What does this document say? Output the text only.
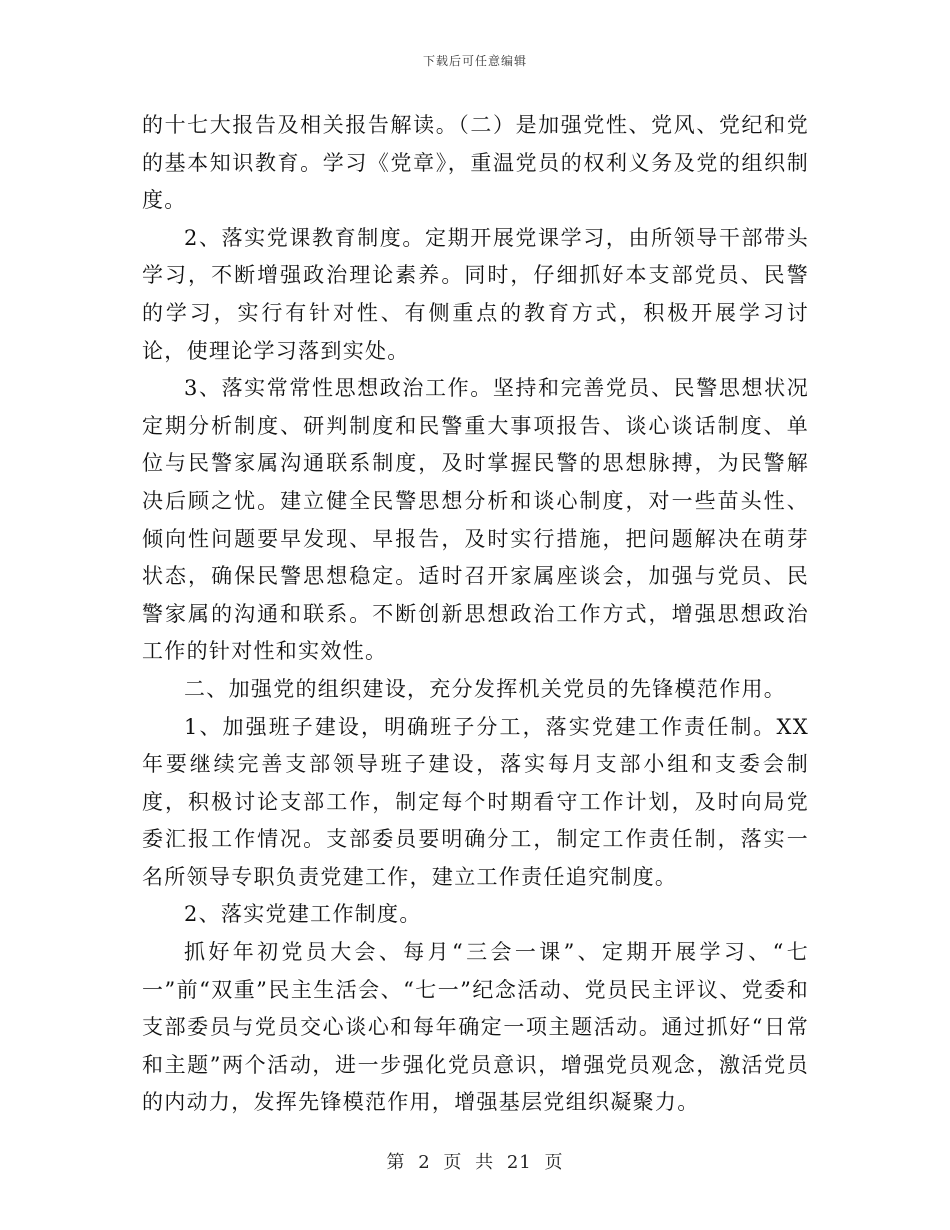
下载后可任意编辑

的十七大报告及相关报告解读。（二）是加强党性、党风、党纪和党的基本知识教育。学习《党章》，重温党员的权利义务及党的组织制度。

2、落实党课教育制度。定期开展党课学习，由所领导干部带头学习，不断增强政治理论素养。同时，仔细抓好本支部党员、民警的学习，实行有针对性、有侧重点的教育方式，积极开展学习讨论，使理论学习落到实处。

3、落实常常性思想政治工作。坚持和完善党员、民警思想状况定期分析制度、研判制度和民警重大事项报告、谈心谈话制度、单位与民警家属沟通联系制度，及时掌握民警的思想脉搏，为民警解决后顾之忧。建立健全民警思想分析和谈心制度，对一些苗头性、倾向性问题要早发现、早报告，及时实行措施，把问题解决在萌芽状态，确保民警思想稳定。适时召开家属座谈会，加强与党员、民警家属的沟通和联系。不断创新思想政治工作方式，增强思想政治工作的针对性和实效性。

二、加强党的组织建设，充分发挥机关党员的先锋模范作用。

1、加强班子建设，明确班子分工，落实党建工作责任制。XX年要继续完善支部领导班子建设，落实每月支部小组和支委会制度，积极讨论支部工作，制定每个时期看守工作计划，及时向局党委汇报工作情况。支部委员要明确分工，制定工作责任制，落实一名所领导专职负责党建工作，建立工作责任追究制度。

2、落实党建工作制度。

抓好年初党员大会、每月“三会一课”、定期开展学习、“七一”前“双重”民主生活会、“七一”纪念活动、党员民主评议、党委和支部委员与党员交心谈心和每年确定一项主题活动。通过抓好“日常和主题”两个活动，进一步强化党员意识，增强党员观念，激活党员的内动力，发挥先锋模范作用，增强基层党组织凝聚力。

第 2 页 共 21 页
